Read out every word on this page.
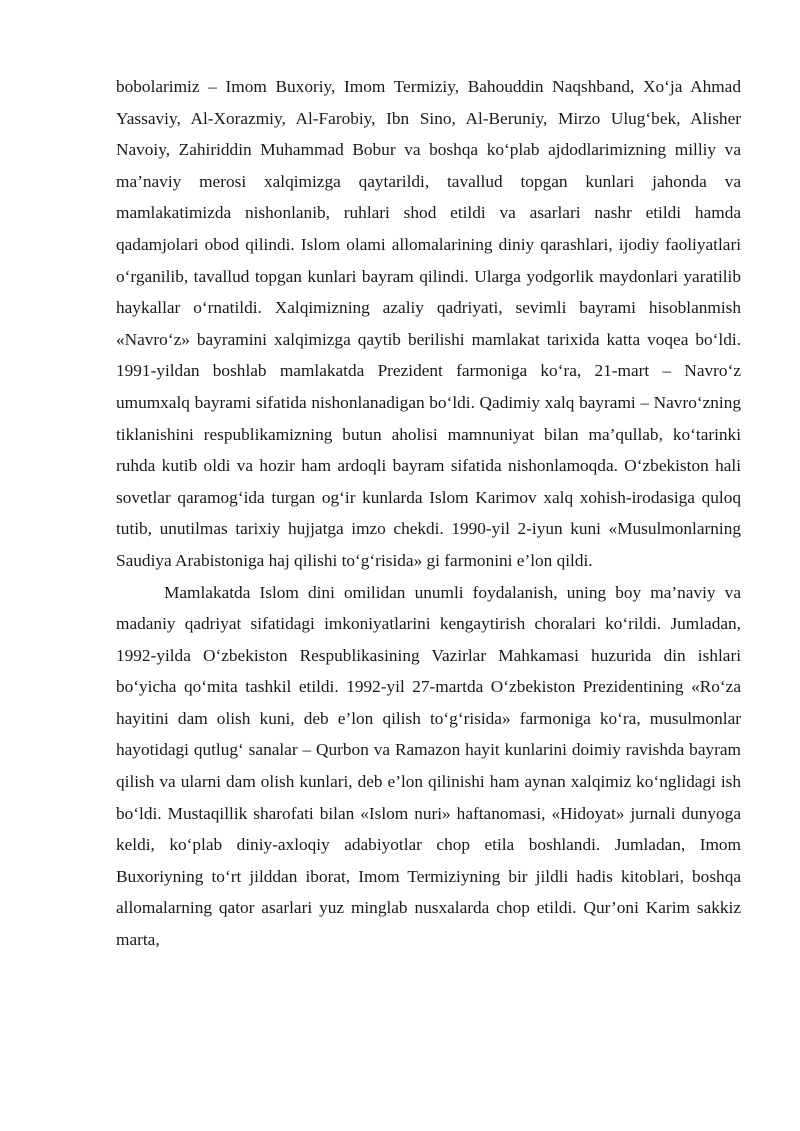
bobolarimiz – Imom Buxoriy, Imom Termiziy, Bahouddin Naqshband, Xo‘ja Ahmad Yassaviy, Al-Xorazmiy, Al-Farobiy, Ibn Sino, Al-Beruniy, Mirzo Ulug‘bek, Alisher Navoiy, Zahiriddin Muhammad Bobur va boshqa ko‘plab ajdodlarimizning milliy va ma’naviy merosi xalqimizga qaytarildi, tavallud topgan kunlari jahonda va mamlakatimizda nishonlanib, ruhlari shod etildi va asarlari nashr etildi hamda qadamjolari obod qilindi. Islom olami allomalarining diniy qarashlari, ijodiy faoliyatlari o‘rganilib, tavallud topgan kunlari bayram qilindi. Ularga yodgorlik maydonlari yaratilib haykallar o‘rnatildi. Xalqimizning azaliy qadriyati, sevimli bayrami hisoblanmish «Navro‘z» bayramini xalqimizga qaytib berilishi mamlakat tarixida katta voqea bo‘ldi. 1991-yildan boshlab mamlakatda Prezident farmoniga ko‘ra, 21-mart – Navro‘z umumxalq bayrami sifatida nishonlanadigan bo‘ldi. Qadimiy xalq bayrami – Navro‘zning tiklanishini respublikamizning butun aholisi mamnuniyat bilan ma’qullab, ko‘tarinki ruhda kutib oldi va hozir ham ardoqli bayram sifatida nishonlamoqda. O‘zbekiston hali sovetlar qaramog‘ida turgan og‘ir kunlarda Islom Karimov xalq xohish-irodasiga quloq tutib, unutilmas tarixiy hujjatga imzo chekdi. 1990-yil 2-iyun kuni «Musulmonlarning Saudiya Arabistoniga haj qilishi to‘g‘risida» gi farmonini e’lon qildi.

Mamlakatda Islom dini omilidan unumli foydalanish, uning boy ma’naviy va madaniy qadriyat sifatidagi imkoniyatlarini kengaytirish choralari ko‘rildi. Jumladan, 1992-yilda O‘zbekiston Respublikasining Vazirlar Mahkamasi huzurida din ishlari bo‘yicha qo‘mita tashkil etildi. 1992-yil 27-martda O‘zbekiston Prezidentining «Ro‘za hayitini dam olish kuni, deb e’lon qilish to‘g‘risida» farmoniga ko‘ra, musulmonlar hayotidagi qutlug‘ sanalar – Qurbon va Ramazon hayit kunlarini doimiy ravishda bayram qilish va ularni dam olish kunlari, deb e’lon qilinishi ham aynan xalqimiz ko‘nglidagi ish bo‘ldi. Mustaqillik sharofati bilan «Islom nuri» haftanomasi, «Hidoyat» jurnali dunyoga keldi, ko‘plab diniy-axloqiy adabiyotlar chop etila boshlandi. Jumladan, Imom Buxoriyning to‘rt jilddan iborat, Imom Termiziyning bir jildli hadis kitoblari, boshqa allomalarning qator asarlari yuz minglab nusxalarda chop etildi. Qur’oni Karim sakkiz marta,
